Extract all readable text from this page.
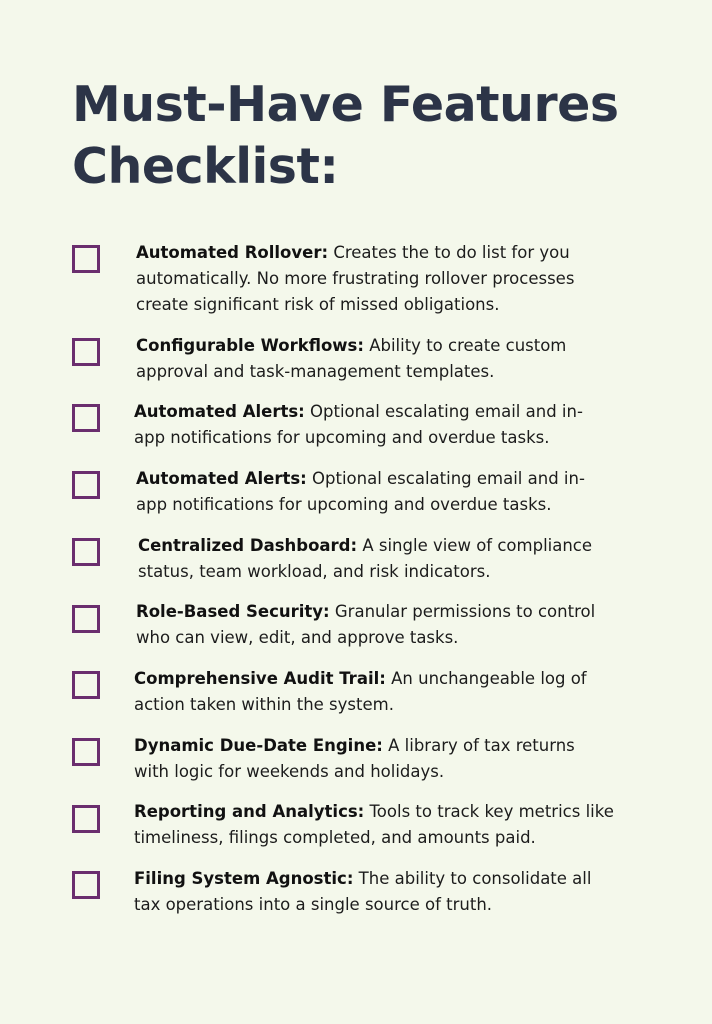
Must-Have Features
Checklist:

Automated Rollover: Creates the to do list for you
automatically. No more frustrating rollover processes
create significant risk of missed obligations.

Configurable Workflows: Ability to create custom
approval and task-management templates.

Automated Alerts: Optional escalating email and in-
app notifications for upcoming and overdue tasks.

Automated Alerts: Optional escalating email and in-
app notifications for upcoming and overdue tasks.

Centralized Dashboard: A single view of compliance
status, team workload, and risk indicators.

Role-Based Security: Granular permissions to control
who can view, edit, and approve tasks.

Comprehensive Audit Trail: An unchangeable log of
action taken within the system.

Dynamic Due-Date Engine: A library of tax returns
with logic for weekends and holidays.

Reporting and Analytics: Tools to track key metrics like
timeliness, filings completed, and amounts paid.

Filing System Agnostic: The ability to consolidate all
tax operations into a single source of truth.
